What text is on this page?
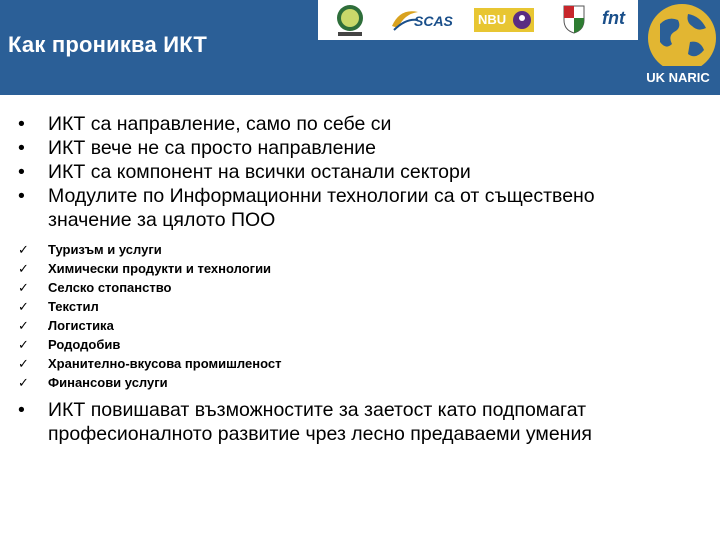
SCAS NBU	fnt
Как прониква ИКТ
UK NARIC
•	ИКТ са направление, само по себе си
•	ИКТ вече не са просто направление
•	ИКТ са компонент на всички останали сектори
•	Модулите по Информационни технологии са от съществено значение за цялото ПОО
✓	Туризъм и услуги
✓	Химически продукти и технологии
✓	Селско стопанство
✓	Текстил
✓	Логистика
✓	Рододобив
✓	Хранително-вкусова промишленост
✓	Финансови услуги
•	ИКТ повишават възможностите за заетост като подпомагат професионалното развитие чрез лесно предаваеми умения
